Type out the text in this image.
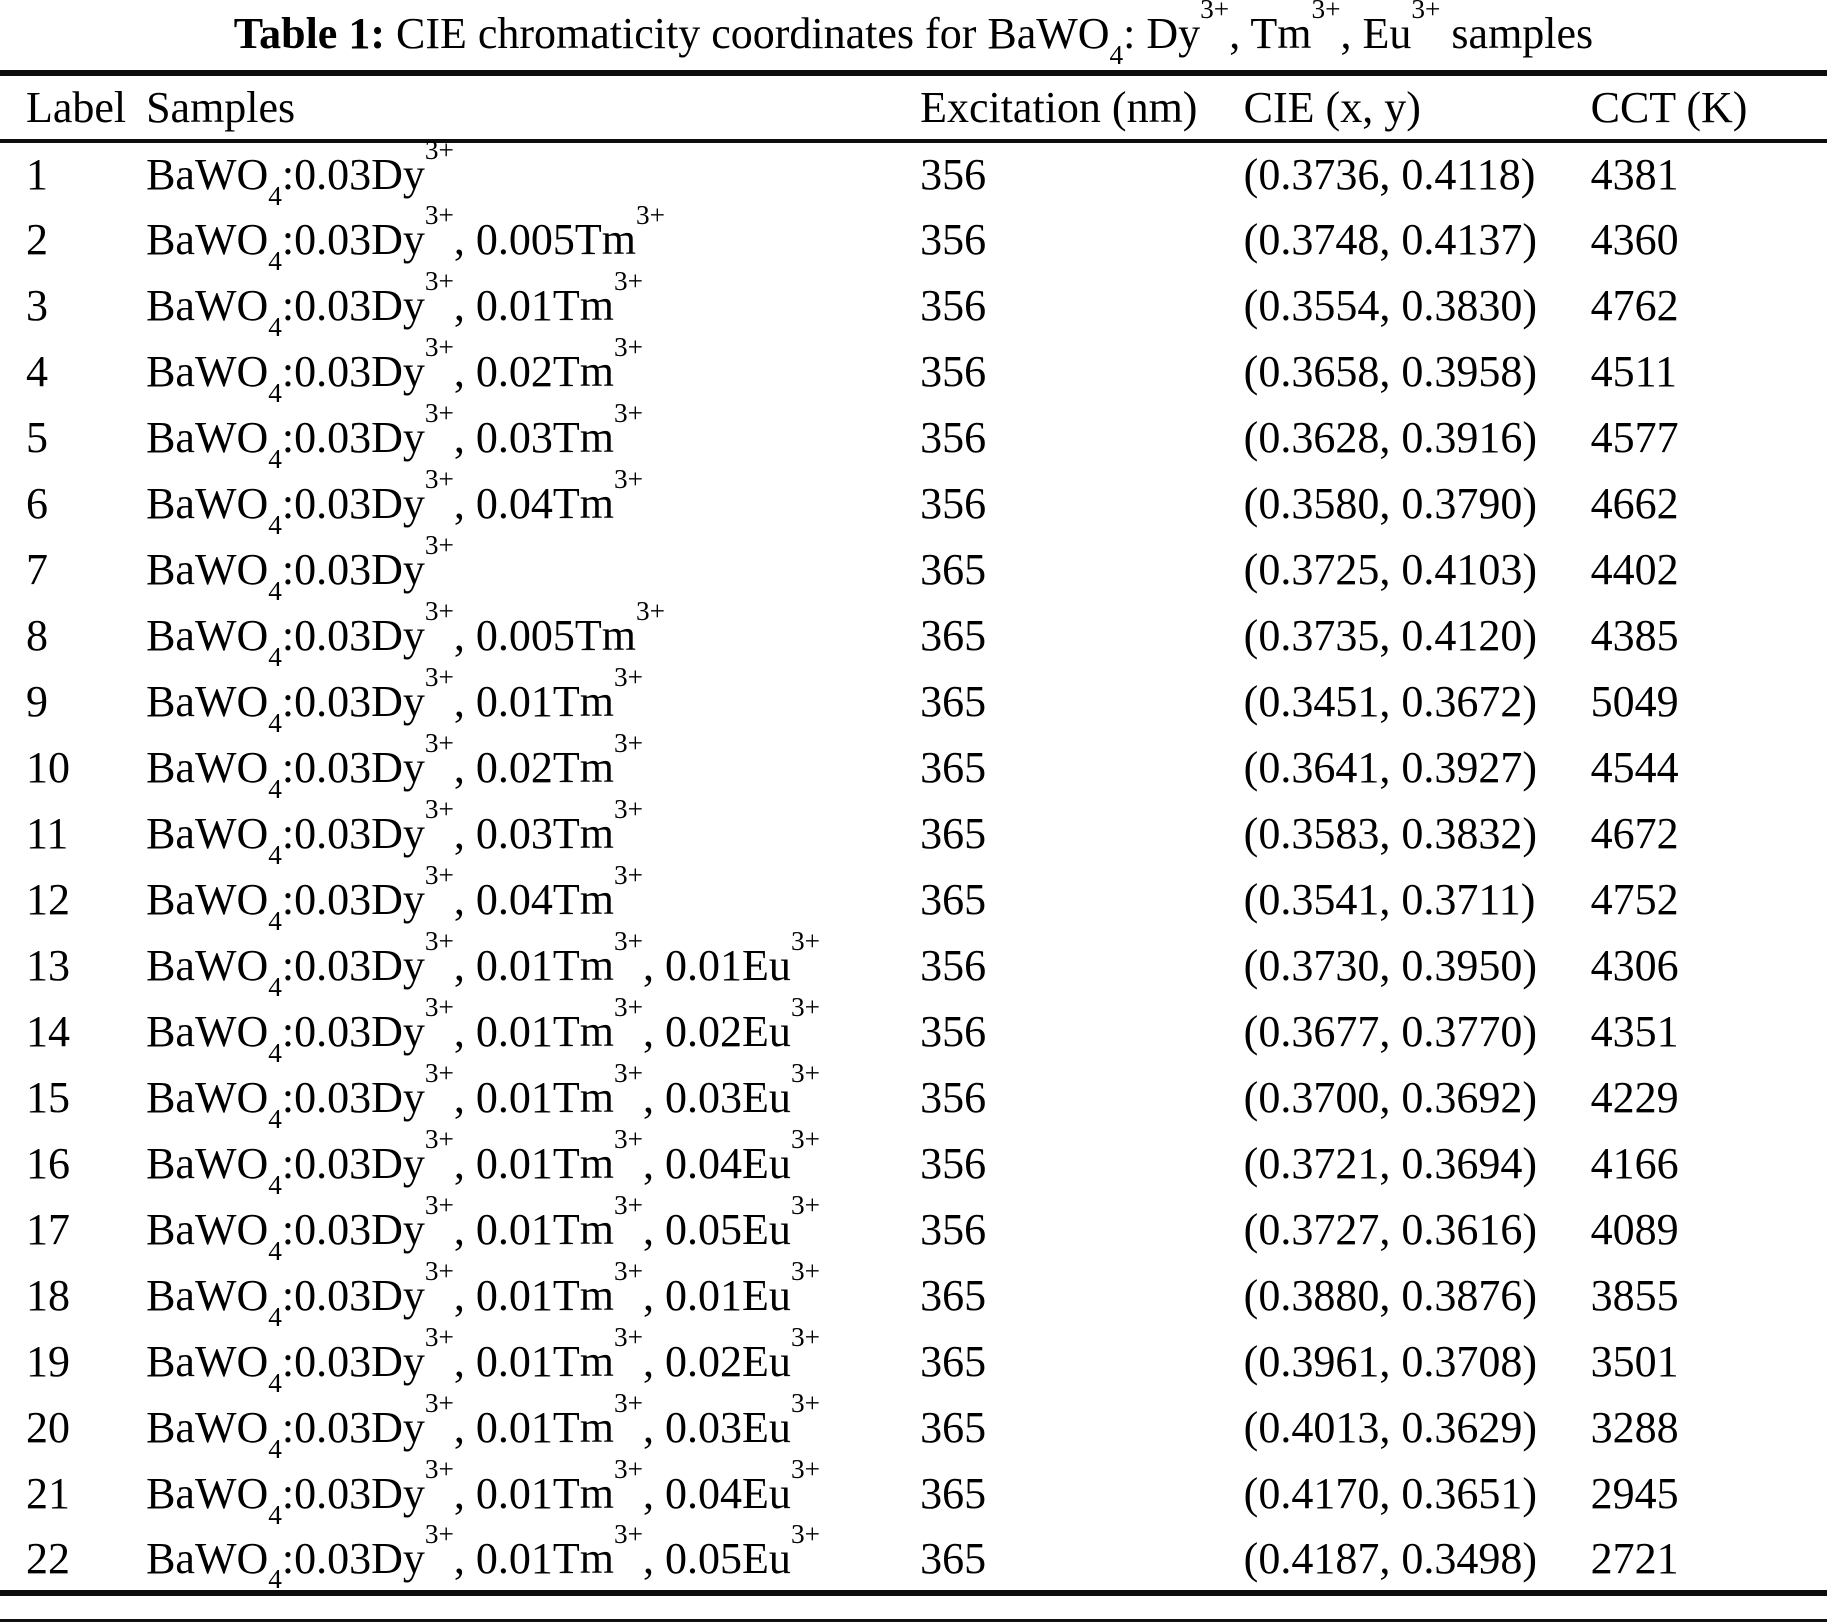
Table 1: CIE chromaticity coordinates for BaWO$_4$: $Dy^{3+}$, $Tm^{3+}$, $Eu^{3+}$ samples
Label	Samples	Excitation (nm)	CIE (x, y)	CCT (K)
1	$BaWO_4:0.03Dy^{3+}$	356	(0.3736, 0.4118)	4381
2	$BaWO_4:0.03Dy^{3+}$, $0.005Tm^{3+}$	356	(0.3748, 0.4137)	4360
3	$BaWO_4:0.03Dy^{3+}$, $0.01Tm^{3+}$	356	(0.3554, 0.3830)	4762
4	$BaWO_4:0.03Dy^{3+}$, $0.02Tm^{3+}$	356	(0.3658, 0.3958)	4511
5	$BaWO_4:0.03Dy^{3+}$, $0.03Tm^{3+}$	356	(0.3628, 0.3916)	4577
6	$BaWO_4:0.03Dy^{3+}$, $0.04Tm^{3+}$	356	(0.3580, 0.3790)	4662
7	$BaWO_4:0.03Dy^{3+}$	365	(0.3725, 0.4103)	4402
8	$BaWO_4:0.03Dy^{3+}$, $0.005Tm^{3+}$	365	(0.3735, 0.4120)	4385
9	$BaWO_4:0.03Dy^{3+}$, $0.01Tm^{3+}$	365	(0.3451, 0.3672)	5049
10	$BaWO_4:0.03Dy^{3+}$, $0.02Tm^{3+}$	365	(0.3641, 0.3927)	4544
11	$BaWO_4:0.03Dy^{3+}$, $0.03Tm^{3+}$	365	(0.3583, 0.3832)	4672
12	$BaWO_4:0.03Dy^{3+}$, $0.04Tm^{3+}$	365	(0.3541, 0.3711)	4752
13	$BaWO_4:0.03Dy^{3+}$, $0.01Tm^{3+}$, $0.01Eu^{3+}$	356	(0.3730, 0.3950)	4306
14	$BaWO_4:0.03Dy^{3+}$, $0.01Tm^{3+}$, $0.02Eu^{3+}$	356	(0.3677, 0.3770)	4351
15	$BaWO_4:0.03Dy^{3+}$, $0.01Tm^{3+}$, $0.03Eu^{3+}$	356	(0.3700, 0.3692)	4229
16	$BaWO_4:0.03Dy^{3+}$, $0.01Tm^{3+}$, $0.04Eu^{3+}$	356	(0.3721, 0.3694)	4166
17	$BaWO_4:0.03Dy^{3+}$, $0.01Tm^{3+}$, $0.05Eu^{3+}$	356	(0.3727, 0.3616)	4089
18	$BaWO_4:0.03Dy^{3+}$, $0.01Tm^{3+}$, $0.01Eu^{3+}$	365	(0.3880, 0.3876)	3855
19	$BaWO_4:0.03Dy^{3+}$, $0.01Tm^{3+}$, $0.02Eu^{3+}$	365	(0.3961, 0.3708)	3501
20	$BaWO_4:0.03Dy^{3+}$, $0.01Tm^{3+}$, $0.03Eu^{3+}$	365	(0.4013, 0.3629)	3288
21	$BaWO_4:0.03Dy^{3+}$, $0.01Tm^{3+}$, $0.04Eu^{3+}$	365	(0.4170, 0.3651)	2945
22	$BaWO_4:0.03Dy^{3+}$, $0.01Tm^{3+}$, $0.05Eu^{3+}$	365	(0.4187, 0.3498)	2721
